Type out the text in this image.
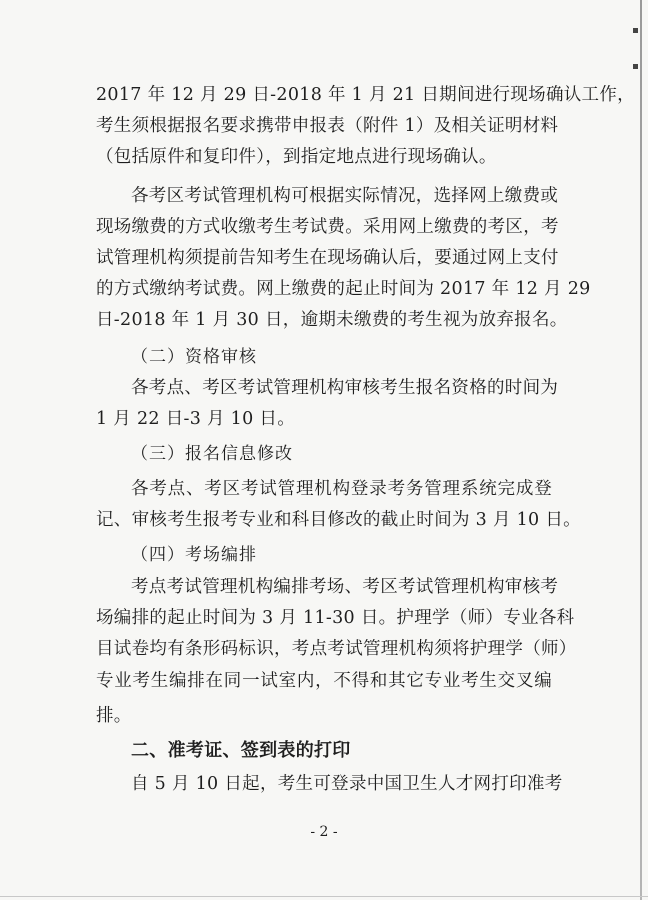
2017 年 12 月 29 日-2018 年 1 月 21 日期间进行现场确认工作，
考生须根据报名要求携带申报表（附件 1）及相关证明材料
（包括原件和复印件），到指定地点进行现场确认。
各考区考试管理机构可根据实际情况，选择网上缴费或
现场缴费的方式收缴考生考试费。采用网上缴费的考区，考
试管理机构须提前告知考生在现场确认后，要通过网上支付
的方式缴纳考试费。网上缴费的起止时间为 2017 年 12 月 29
日-2018 年 1 月 30 日，逾期未缴费的考生视为放弃报名。
（二）资格审核
各考点、考区考试管理机构审核考生报名资格的时间为
1 月 22 日-3 月 10 日。
（三）报名信息修改
各考点、考区考试管理机构登录考务管理系统完成登
记、审核考生报考专业和科目修改的截止时间为 3 月 10 日。
（四）考场编排
考点考试管理机构编排考场、考区考试管理机构审核考
场编排的起止时间为 3 月 11-30 日。护理学（师）专业各科
目试卷均有条形码标识，考点考试管理机构须将护理学（师）
专业考生编排在同一试室内，不得和其它专业考生交叉编
排。
二、准考证、签到表的打印
自 5 月 10 日起，考生可登录中国卫生人才网打印准考
- 2 -
